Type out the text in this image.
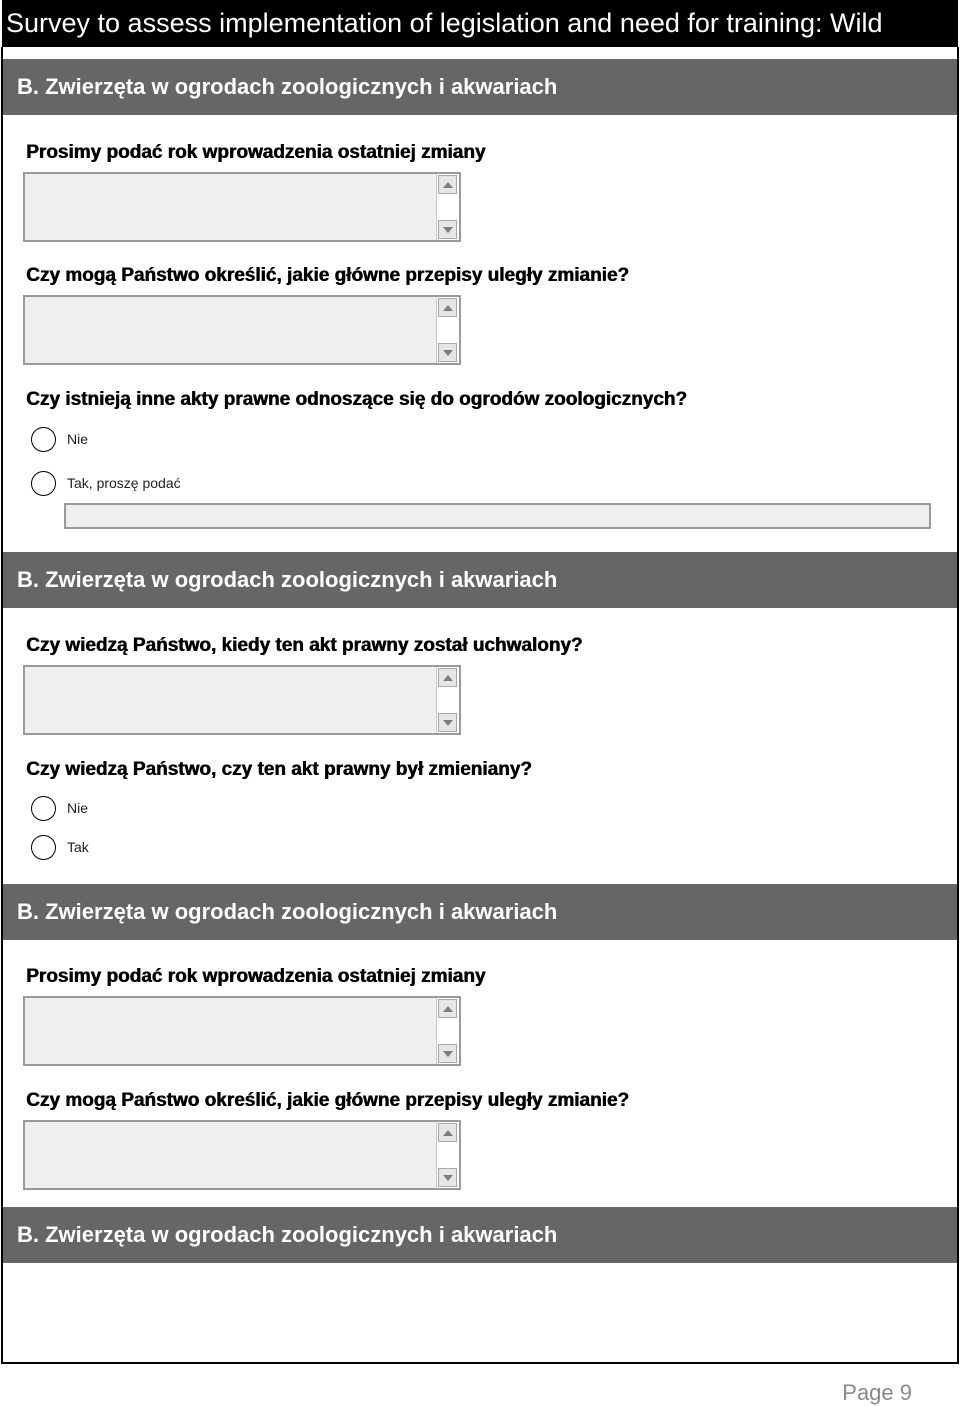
Survey to assess implementation of legislation and need for training: Wild
B. Zwierzęta w ogrodach zoologicznych i akwariach
Prosimy podać rok wprowadzenia ostatniej zmiany
Czy mogą Państwo określić, jakie główne przepisy uległy zmianie?
Czy istnieją inne akty prawne odnoszące się do ogrodów zoologicznych?
Nie
Tak, proszę podać
B. Zwierzęta w ogrodach zoologicznych i akwariach
Czy wiedzą Państwo, kiedy ten akt prawny został uchwalony?
Czy wiedzą Państwo, czy ten akt prawny był zmieniany?
Nie
Tak
B. Zwierzęta w ogrodach zoologicznych i akwariach
Prosimy podać rok wprowadzenia ostatniej zmiany
Czy mogą Państwo określić, jakie główne przepisy uległy zmianie?
B. Zwierzęta w ogrodach zoologicznych i akwariach
Page 9
